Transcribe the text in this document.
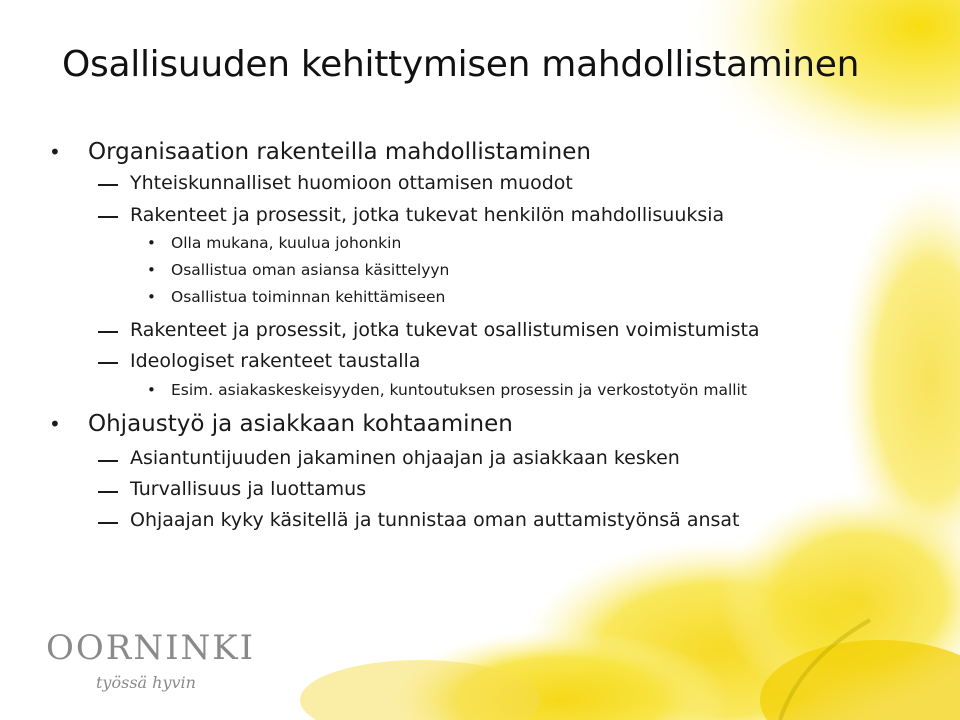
Osallisuuden kehittymisen mahdollistaminen
• Organisaation rakenteilla mahdollistaminen
Yhteiskunnalliset huomioon ottamisen muodot
Rakenteet ja prosessit, jotka tukevat henkilön mahdollisuuksia
• Olla mukana, kuulua johonkin
• Osallistua oman asiansa käsittelyyn
• Osallistua toiminnan kehittämiseen
Rakenteet ja prosessit, jotka tukevat osallistumisen voimistumista
Ideologiset rakenteet taustalla
• Esim. asiakaskeskeisyyden, kuntoutuksen prosessin ja verkostotyön mallit
• Ohjaustyö ja asiakkaan kohtaaminen
Asiantuntijuuden jakaminen ohjaajan ja asiakkaan kesken
Turvallisuus ja luottamus
Ohjaajan kyky käsitellä ja tunnistaa oman auttamistyönsä ansat
OORNINKI
työssä hyvin
